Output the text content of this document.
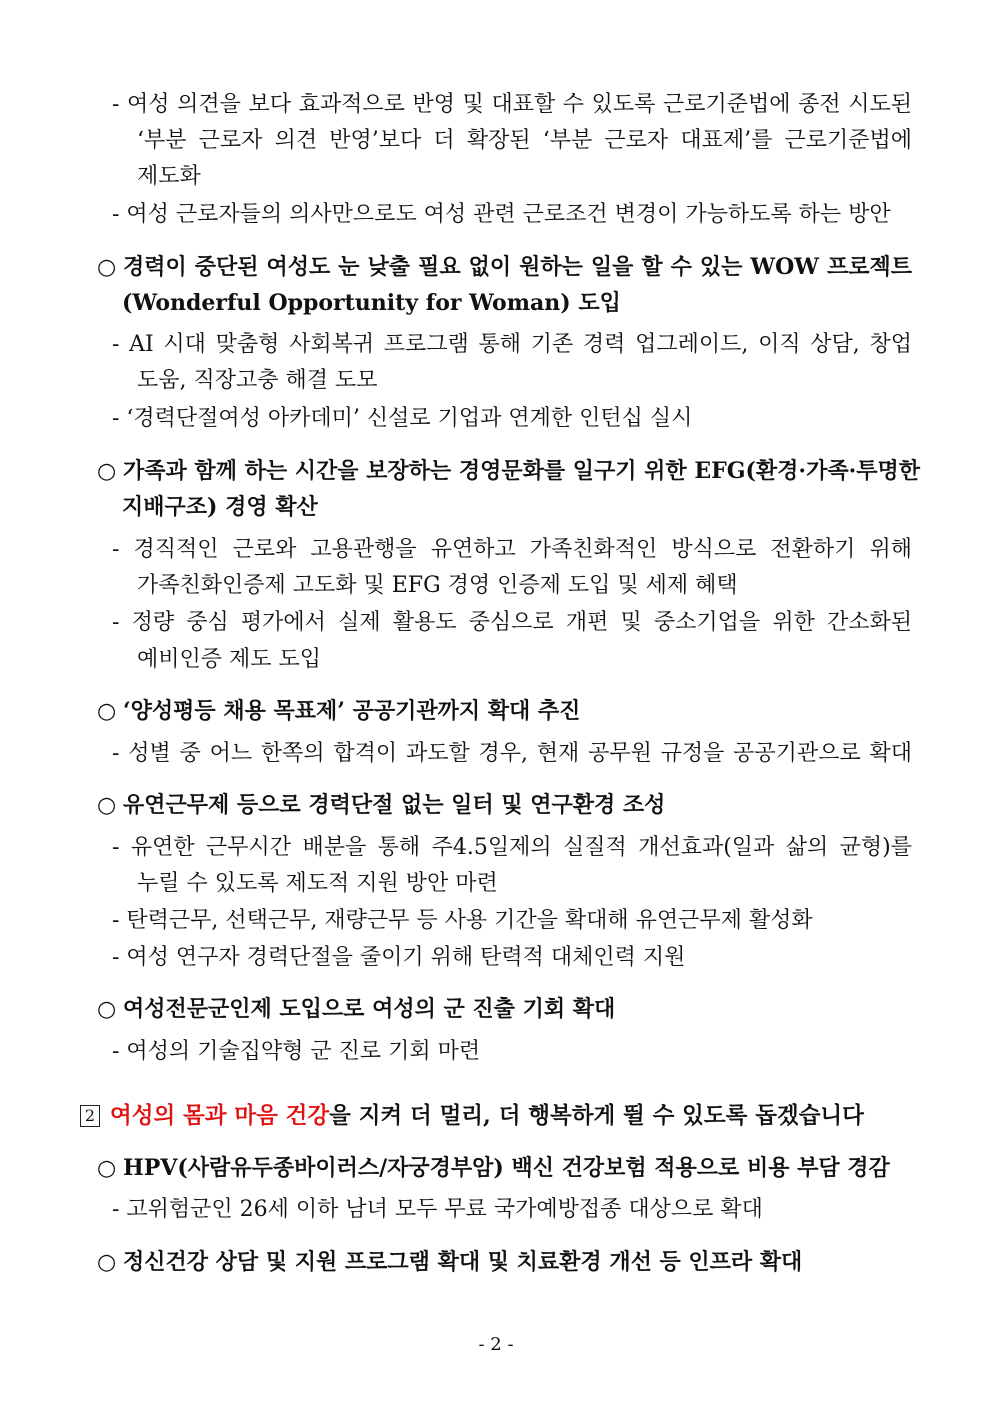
- 여성 의견을 보다 효과적으로 반영 및 대표할 수 있도록 근로기준법에 종전 시도된
‘부분 근로자 의견 반영’보다 더 확장된 ‘부분 근로자 대표제’를 근로기준법에
제도화
- 여성 근로자들의 의사만으로도 여성 관련 근로조건 변경이 가능하도록 하는 방안
○ 경력이 중단된 여성도 눈 낮출 필요 없이 원하는 일을 할 수 있는 WOW 프로젝트
(Wonderful Opportunity for Woman) 도입
- AI 시대 맞춤형 사회복귀 프로그램 통해 기존 경력 업그레이드, 이직 상담, 창업
도움, 직장고충 해결 도모
- ‘경력단절여성 아카데미’ 신설로 기업과 연계한 인턴십 실시
○ 가족과 함께 하는 시간을 보장하는 경영문화를 일구기 위한 EFG(환경·가족·투명한
지배구조) 경영 확산
- 경직적인 근로와 고용관행을 유연하고 가족친화적인 방식으로 전환하기 위해
가족친화인증제 고도화 및 EFG 경영 인증제 도입 및 세제 혜택
- 정량 중심 평가에서 실제 활용도 중심으로 개편 및 중소기업을 위한 간소화된
예비인증 제도 도입
○ ‘양성평등 채용 목표제’ 공공기관까지 확대 추진
- 성별 중 어느 한쪽의 합격이 과도할 경우, 현재 공무원 규정을 공공기관으로 확대
○ 유연근무제 등으로 경력단절 없는 일터 및 연구환경 조성
- 유연한 근무시간 배분을 통해 주4.5일제의 실질적 개선효과(일과 삶의 균형)를
누릴 수 있도록 제도적 지원 방안 마련
- 탄력근무, 선택근무, 재량근무 등 사용 기간을 확대해 유연근무제 활성화
- 여성 연구자 경력단절을 줄이기 위해 탄력적 대체인력 지원
○ 여성전문군인제 도입으로 여성의 군 진출 기회 확대
- 여성의 기술집약형 군 진로 기회 마련
2 여성의 몸과 마음 건강을 지켜 더 멀리, 더 행복하게 뛸 수 있도록 돕겠습니다
○ HPV(사람유두종바이러스/자궁경부암) 백신 건강보험 적용으로 비용 부담 경감
- 고위험군인 26세 이하 남녀 모두 무료 국가예방접종 대상으로 확대
○ 정신건강 상담 및 지원 프로그램 확대 및 치료환경 개선 등 인프라 확대
- 2 -
